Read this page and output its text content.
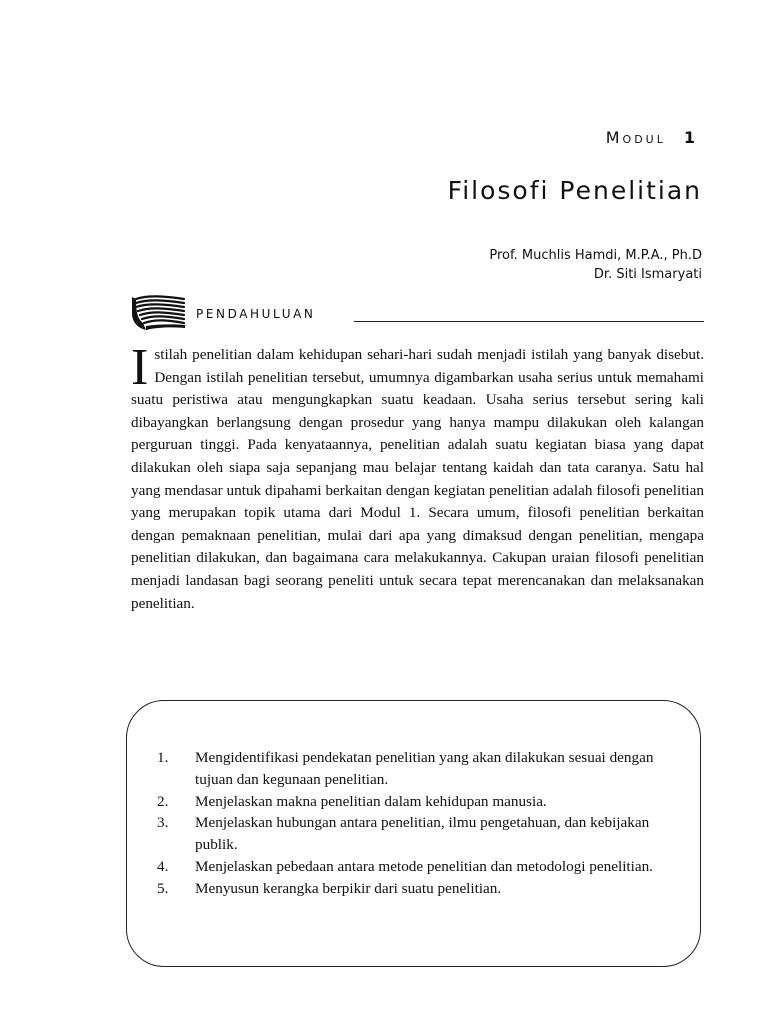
Modul 1
Filosofi Penelitian
Prof. Muchlis Hamdi, M.P.A., Ph.D
Dr. Siti Ismaryati
PENDAHULUAN

Istilah penelitian dalam kehidupan sehari-hari sudah menjadi istilah yang banyak disebut. Dengan istilah penelitian tersebut, umumnya digambarkan usaha serius untuk memahami suatu peristiwa atau mengungkapkan suatu keadaan. Usaha serius tersebut sering kali dibayangkan berlangsung dengan prosedur yang hanya mampu dilakukan oleh kalangan perguruan tinggi. Pada kenyataannya, penelitian adalah suatu kegiatan biasa yang dapat dilakukan oleh siapa saja sepanjang mau belajar tentang kaidah dan tata caranya. Satu hal yang mendasar untuk dipahami berkaitan dengan kegiatan penelitian adalah filosofi penelitian yang merupakan topik utama dari Modul 1. Secara umum, filosofi penelitian berkaitan dengan pemaknaan penelitian, mulai dari apa yang dimaksud dengan penelitian, mengapa penelitian dilakukan, dan bagaimana cara melakukannya. Cakupan uraian filosofi penelitian menjadi landasan bagi seorang peneliti untuk secara tepat merencanakan dan melaksanakan penelitian.

1. Mengidentifikasi pendekatan penelitian yang akan dilakukan sesuai dengan tujuan dan kegunaan penelitian.
2. Menjelaskan makna penelitian dalam kehidupan manusia.
3. Menjelaskan hubungan antara penelitian, ilmu pengetahuan, dan kebijakan publik.
4. Menjelaskan pebedaan antara metode penelitian dan metodologi penelitian.
5. Menyusun kerangka berpikir dari suatu penelitian.
